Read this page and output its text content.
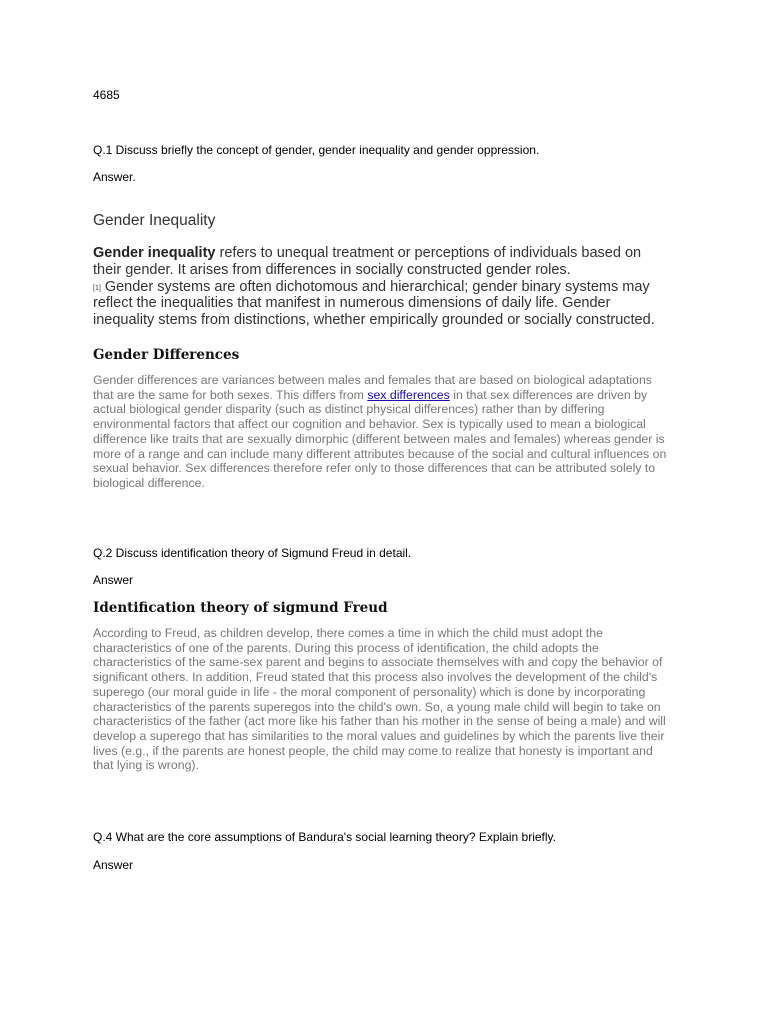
4685
Q.1 Discuss briefly the concept of gender, gender inequality and gender oppression.
Answer.
Gender Inequality
Gender inequality refers to unequal treatment or perceptions of individuals based on their gender. It arises from differences in socially constructed gender roles.
[1] Gender systems are often dichotomous and hierarchical; gender binary systems may reflect the inequalities that manifest in numerous dimensions of daily life. Gender inequality stems from distinctions, whether empirically grounded or socially constructed.
Gender Differences
Gender differences are variances between males and females that are based on biological adaptations that are the same for both sexes. This differs from sex differences in that sex differences are driven by actual biological gender disparity (such as distinct physical differences) rather than by differing environmental factors that affect our cognition and behavior. Sex is typically used to mean a biological difference like traits that are sexually dimorphic (different between males and females) whereas gender is more of a range and can include many different attributes because of the social and cultural influences on sexual behavior. Sex differences therefore refer only to those differences that can be attributed solely to biological difference.
Q.2 Discuss identification theory of Sigmund Freud in detail.
Answer
Identification theory of sigmund Freud
According to Freud, as children develop, there comes a time in which the child must adopt the characteristics of one of the parents. During this process of identification, the child adopts the characteristics of the same-sex parent and begins to associate themselves with and copy the behavior of significant others. In addition, Freud stated that this process also involves the development of the child's superego (our moral guide in life - the moral component of personality) which is done by incorporating characteristics of the parents superegos into the child's own. So, a young male child will begin to take on characteristics of the father (act more like his father than his mother in the sense of being a male) and will develop a superego that has similarities to the moral values and guidelines by which the parents live their lives (e.g., if the parents are honest people, the child may come to realize that honesty is important and that lying is wrong).
Q.4 What are the core assumptions of Bandura's social learning theory? Explain briefly.
Answer
